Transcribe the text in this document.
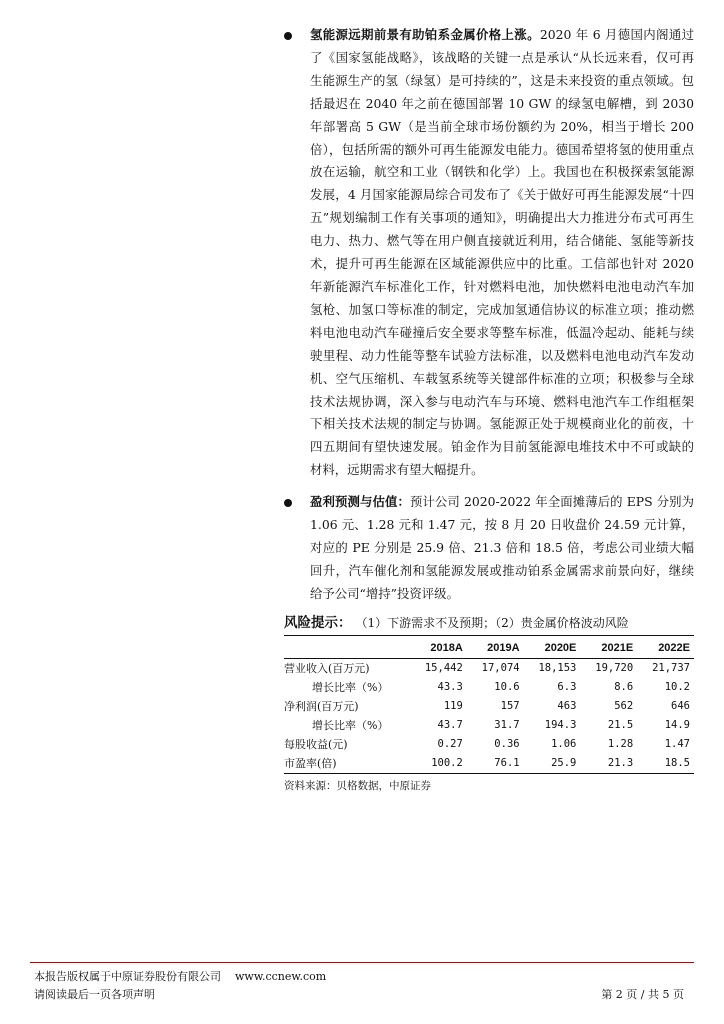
氢能源远期前景有助铂系金属价格上涨。2020 年 6 月德国内阁通过了《国家氢能战略》，该战略的关键一点是承认“从长远来看，仅可再生能源生产的氢（绿氢）是可持续的”，这是未来投资的重点领域。包括最迟在 2040 年之前在德国部署 10 GW 的绿氢电解槽，到 2030 年部署高 5 GW（是当前全球市场份额约为 20%，相当于增长 200 倍），包括所需的额外可再生能源发电能力。德国希望将氢的使用重点放在运输，航空和工业（钢铁和化学）上。我国也在积极探索氢能源发展，4 月国家能源局综合司发布了《关于做好可再生能源发展“十四五”规划编制工作有关事项的通知》，明确提出大力推进分布式可再生电力、热力、燃气等在用户侧直接就近利用，结合储能、氢能等新技术，提升可再生能源在区域能源供应中的比重。工信部也针对 2020 年新能源汽车标准化工作，针对燃料电池，加快燃料电池电动汽车加氢枪、加氢口等标准的制定，完成加氢通信协议的标准立项；推动燃料电池电动汽车碰撞后安全要求等整车标准，低温冷起动、能耗与续驶里程、动力性能等整车试验方法标准，以及燃料电池电动汽车发动机、空气压缩机、车载氢系统等关键部件标准的立项；积极参与全球技术法规协调，深入参与电动汽车与环境、燃料电池汽车工作组框架下相关技术法规的制定与协调。氢能源正处于规模商业化的前夜，十四五期间有望快速发展。铂金作为目前氢能源电堆技术中不可或缺的材料，远期需求有望大幅提升。
盈利预测与估值：预计公司 2020-2022 年全面摊薄后的 EPS 分别为 1.06 元、1.28 元和 1.47 元，按 8 月 20 日收盘价 24.59 元计算，对应的 PE 分别是 25.9 倍、21.3 倍和 18.5 倍，考虑公司业绩大幅回升，汽车催化剂和氢能源发展或推动铂系金属需求前景向好，继续给予公司“增持”投资评级。
风险提示： （1）下游需求不及预期；（2）贵金属价格波动风险
	2018A	2019A	2020E	2021E	2022E
营业收入(百万元)	15,442	17,074	18,153	19,720	21,737
增长比率（%）	43.3	10.6	6.3	8.6	10.2
净利润(百万元)	119	157	463	562	646
增长比率（%）	43.7	31.7	194.3	21.5	14.9
每股收益(元)	0.27	0.36	1.06	1.28	1.47
市盈率(倍)	100.2	76.1	25.9	21.3	18.5
资料来源：贝格数据，中原证券
本报告版权属于中原证券股份有限公司 www.ccnew.com
请阅读最后一页各项声明	第 2 页 / 共 5 页
